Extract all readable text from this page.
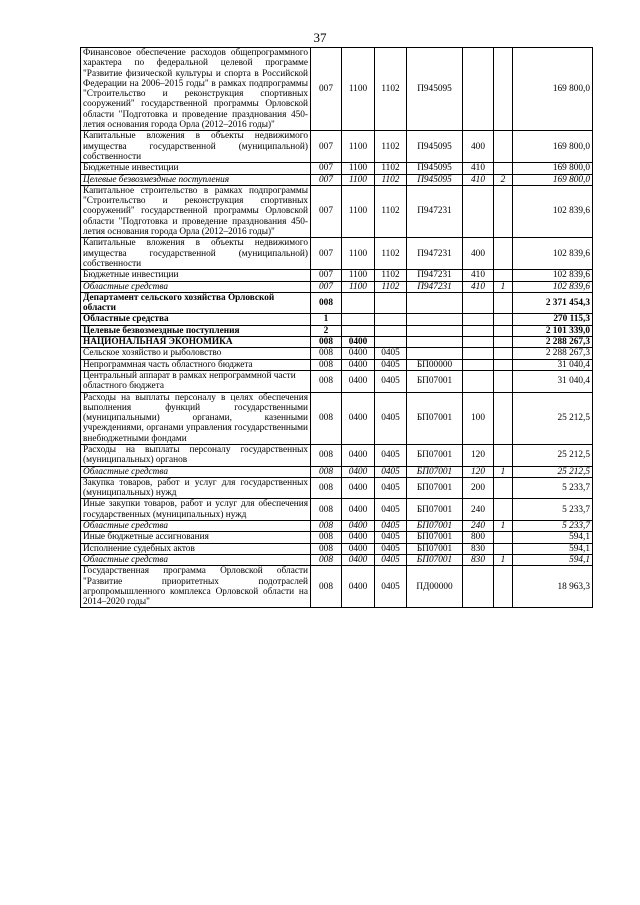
37
Финансовое обеспечение расходов общепрограммного характера по федеральной целевой программе "Развитие физической культуры и спорта в Российской Федерации на 2006–2015 годы" в рамках подпрограммы "Строительство и реконструкция спортивных сооружений" государственной программы Орловской области "Подготовка и проведение празднования 450-летия основания города Орла (2012–2016 годы)"	007	1100	1102	П945095			169 800,0
Капитальные вложения в объекты недвижимого имущества государственной (муниципальной) собственности	007	1100	1102	П945095	400		169 800,0
Бюджетные инвестиции	007	1100	1102	П945095	410		169 800,0
Целевые безвозмездные поступления	007	1100	1102	П945095	410	2	169 800,0
Капитальное строительство в рамках подпрограммы "Строительство и реконструкция спортивных сооружений" государственной программы Орловской области "Подготовка и проведение празднования 450-летия основания города Орла (2012–2016 годы)"	007	1100	1102	П947231			102 839,6
Капитальные вложения в объекты недвижимого имущества государственной (муниципальной) собственности	007	1100	1102	П947231	400		102 839,6
Бюджетные инвестиции	007	1100	1102	П947231	410		102 839,6
Областные средства	007	1100	1102	П947231	410	1	102 839,6
Департамент сельского хозяйства Орловской области	008						2 371 454,3
Областные средства	1						270 115,3
Целевые безвозмездные поступления	2						2 101 339,0
НАЦИОНАЛЬНАЯ ЭКОНОМИКА	008	0400					2 288 267,3
Сельское хозяйство и рыболовство	008	0400	0405				2 288 267,3
Непрограммная часть областного бюджета	008	0400	0405	БП00000			31 040,4
Центральный аппарат в рамках непрограммной части областного бюджета	008	0400	0405	БП07001			31 040,4
Расходы на выплаты персоналу в целях обеспечения выполнения функций государственными (муниципальными) органами, казенными учреждениями, органами управления государственными внебюджетными фондами	008	0400	0405	БП07001	100		25 212,5
Расходы на выплаты персоналу государственных (муниципальных) органов	008	0400	0405	БП07001	120		25 212,5
Областные средства	008	0400	0405	БП07001	120	1	25 212,5
Закупка товаров, работ и услуг для государственных (муниципальных) нужд	008	0400	0405	БП07001	200		5 233,7
Иные закупки товаров, работ и услуг для обеспечения государственных (муниципальных) нужд	008	0400	0405	БП07001	240		5 233,7
Областные средства	008	0400	0405	БП07001	240	1	5 233,7
Иные бюджетные ассигнования	008	0400	0405	БП07001	800		594,1
Исполнение судебных актов	008	0400	0405	БП07001	830		594,1
Областные средства	008	0400	0405	БП07001	830	1	594,1
Государственная программа Орловской области "Развитие приоритетных подотраслей агропромышленного комплекса Орловской области на 2014–2020 годы"	008	0400	0405	ПД00000			18 963,3
